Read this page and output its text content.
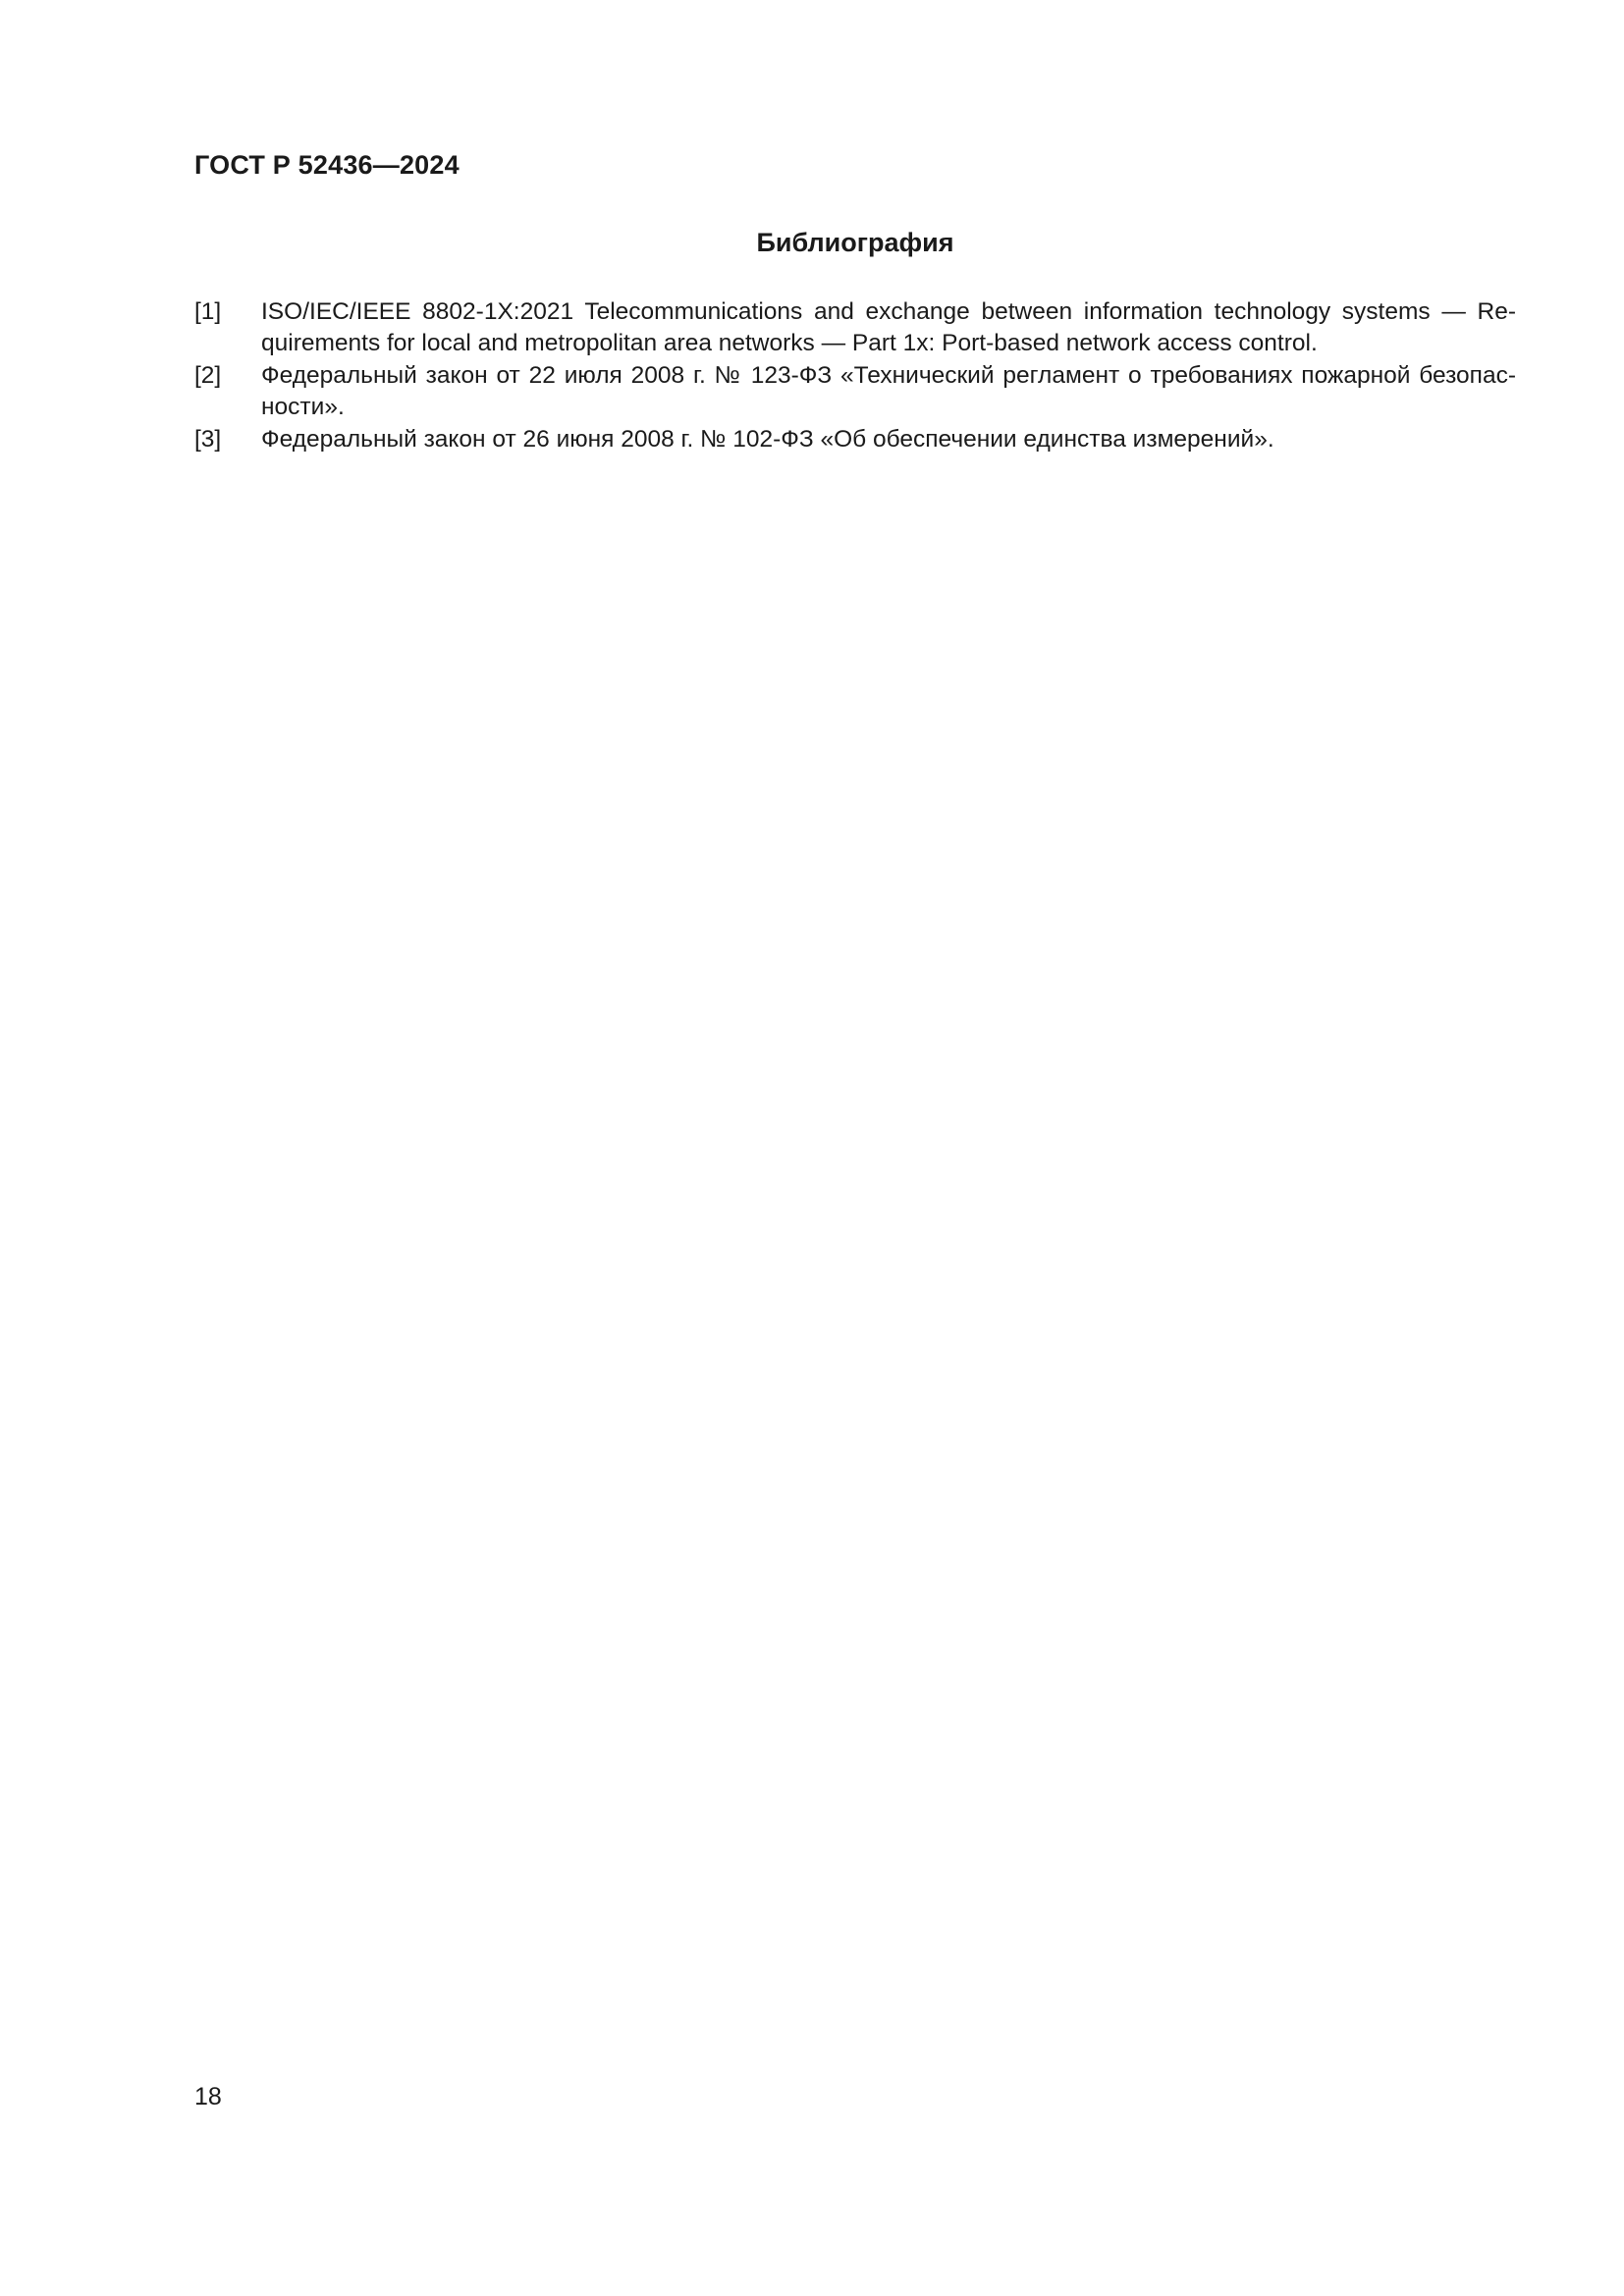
ГОСТ Р 52436—2024
Библиография
[1] ISO/IEC/IEEE 8802-1X:2021 Telecommunications and exchange between information technology systems — Requirements for local and metropolitan area networks — Part 1x: Port-based network access control.
[2] Федеральный закон от 22 июля 2008 г. № 123-ФЗ «Технический регламент о требованиях пожарной безопасности».
[3] Федеральный закон от 26 июня 2008 г. № 102-ФЗ «Об обеспечении единства измерений».
18
